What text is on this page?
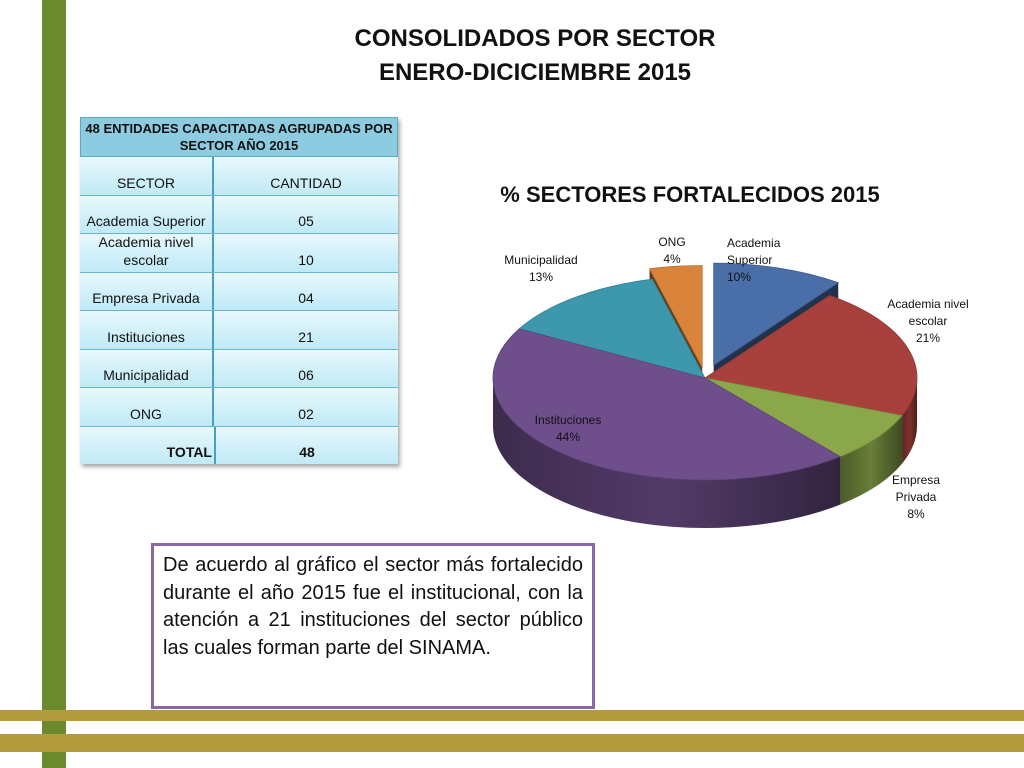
CONSOLIDADOS POR SECTOR
ENERO-DICICIEMBRE 2015
48 ENTIDADES CAPACITADAS AGRUPADAS POR SECTOR AÑO 2015
SECTOR	CANTIDAD
Academia Superior	05
Academia nivel escolar	10
Empresa Privada	04
Instituciones	21
Municipalidad	06
ONG	02
TOTAL	48
% SECTORES FORTALECIDOS 2015
Academia Superior 10%
Academia nivel escolar 21%
Empresa Privada 8%
Instituciones 44%
Municipalidad 13%
ONG 4%
De acuerdo al gráfico el sector más fortalecido durante el año 2015 fue el institucional, con la atención a 21 instituciones del sector público las cuales forman parte del SINAMA.
